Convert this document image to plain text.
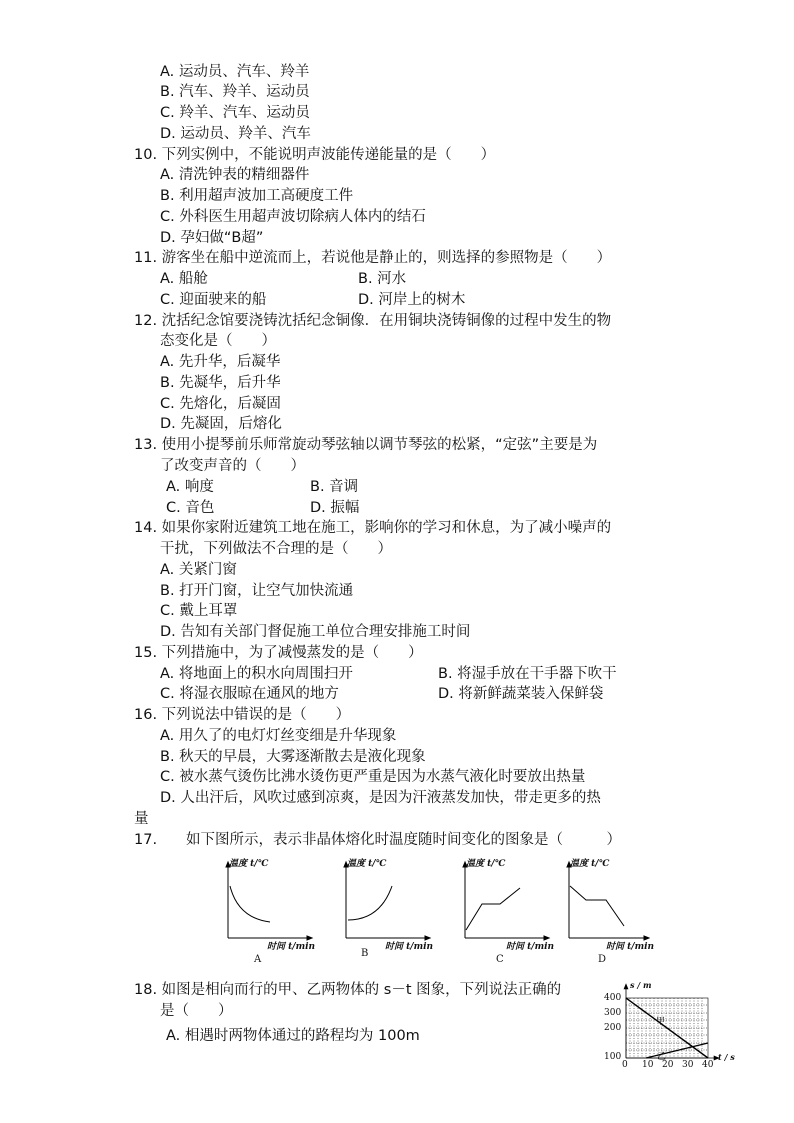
A. 运动员、汽车、羚羊
B. 汽车、羚羊、运动员
C. 羚羊、汽车、运动员
D. 运动员、羚羊、汽车
10. 下列实例中，不能说明声波能传递能量的是（　　）
A. 清洗钟表的精细器件
B. 利用超声波加工高硬度工件
C. 外科医生用超声波切除病人体内的结石
D. 孕妇做“B超”
11. 游客坐在船中逆流而上，若说他是静止的，则选择的参照物是（　　）
A. 船舱	B. 河水
C. 迎面驶来的船	D. 河岸上的树木
12. 沈括纪念馆要浇铸沈括纪念铜像．在用铜块浇铸铜像的过程中发生的物
态变化是（　　）
A. 先升华，后凝华
B. 先凝华，后升华
C. 先熔化，后凝固
D. 先凝固，后熔化
13. 使用小提琴前乐师常旋动琴弦轴以调节琴弦的松紧，“定弦”主要是为
了改变声音的（　　）
A. 响度	B. 音调
C. 音色	D. 振幅
14. 如果你家附近建筑工地在施工，影响你的学习和休息，为了减小噪声的
干扰，下列做法不合理的是（　　）
A. 关紧门窗
B. 打开门窗，让空气加快流通
C. 戴上耳罩
D. 告知有关部门督促施工单位合理安排施工时间
15. 下列措施中，为了减慢蒸发的是（　　）
A. 将地面上的积水向周围扫开	B. 将湿手放在干手器下吹干
C. 将湿衣服晾在通风的地方	D. 将新鲜蔬菜装入保鲜袋
16. 下列说法中错误的是（　　）
A. 用久了的电灯灯丝变细是升华现象
B. 秋天的早晨，大雾逐渐散去是液化现象
C. 被水蒸气烫伤比沸水烫伤更严重是因为水蒸气液化时要放出热量
D. 人出汗后，风吹过感到凉爽，是因为汗液蒸发加快，带走更多的热
量
17.　　如下图所示，表示非晶体熔化时温度随时间变化的图象是（　　　）
温度 t/℃	温度 t/℃	温度 t/℃	温度 t/℃
时间 t/min	时间 t/min	时间 t/min	时间 t/min
A
B
C	D
18. 如图是相向而行的甲、乙两物体的 s－t 图象，下列说法正确的
是（　　）
A. 相遇时两物体通过的路程均为 100m
s / m
t / s
400
300
200
100
0 10 20 30 40
甲
乙
